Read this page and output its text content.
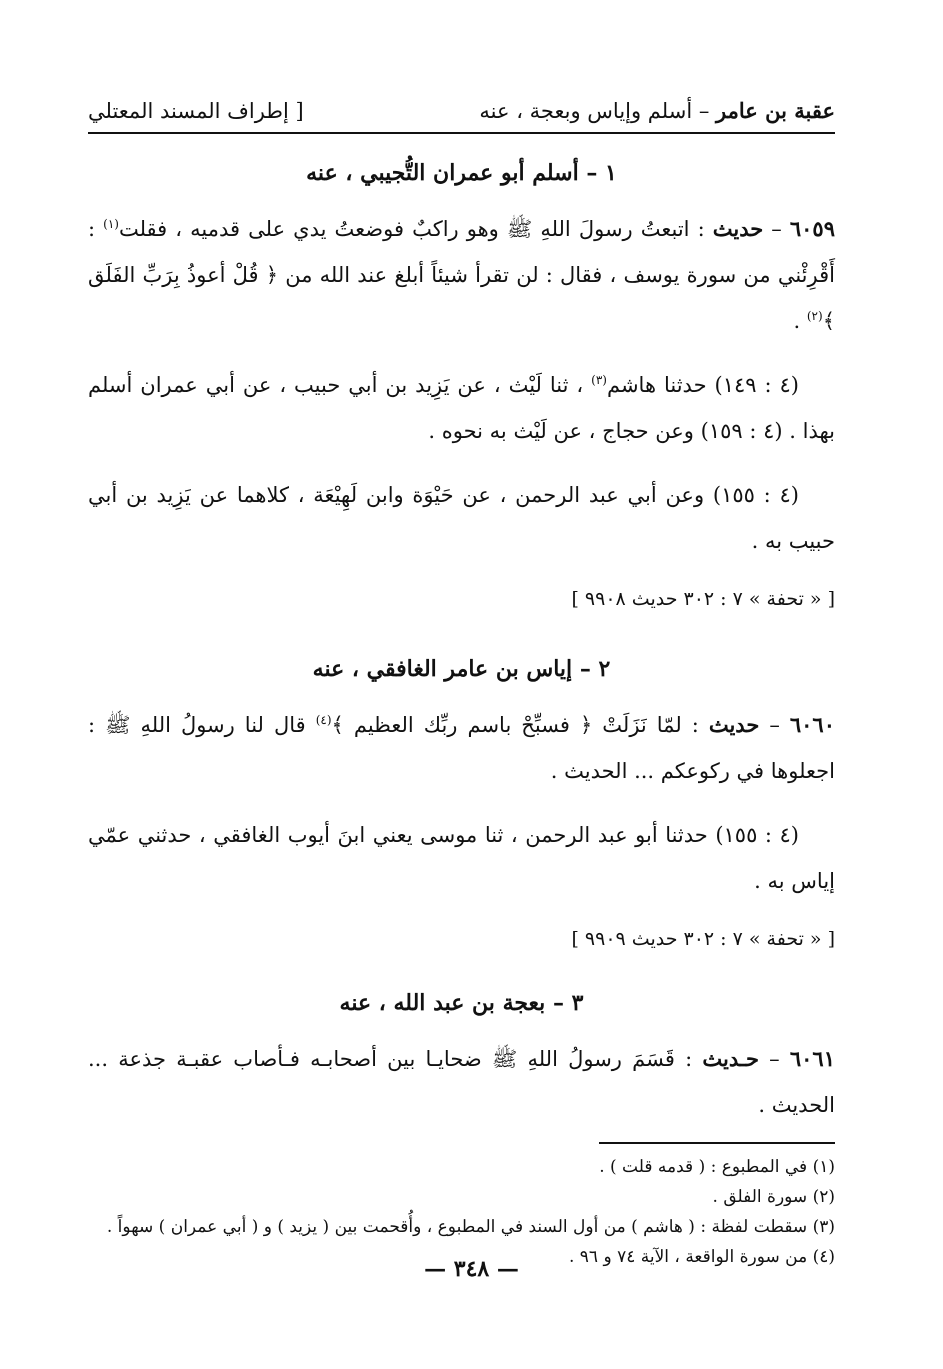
عقبة بن عامر – أسلم وإياس وبعجة ، عنه
[ إطراف المسند المعتلي
١ – أسلم أبو عمران التُّجيبي ، عنه

٦٠٥٩ – حديث : اتبعتُ رسولَ اللهِ ﷺ وهو راكبٌ فوضعتُ يدي على قدميه ، فقلت$^{(١)}$ : أَقْرِئْني من سورة يوسف ، فقال : لن تقرأ شيئاً أبلغ عند الله من ﴿ قُلْ أعوذُ بِرَبِّ الفَلَق ﴾$^{(٢)}$ .

(٤ : ١٤٩) حدثنا هاشم$^{(٣)}$ ، ثنا لَيْث ، عن يَزِيد بن أبي حبيب ، عن أبي عمران أسلم بهذا . (٤ : ١٥٩) وعن حجاج ، عن لَيْث به نحوه .

(٤ : ١٥٥) وعن أبي عبد الرحمن ، عن حَيْوَة وابن لَهِيْعَة ، كلاهما عن يَزِيد بن أبي حبيب به .

[ « تحفة » ٧ : ٣٠٢ حديث ٩٩٠٨ ]
٢ – إياس بن عامر الغافقي ، عنه

٦٠٦٠ – حديث : لمّا نَزَلَتْ ﴿ فسبِّحْ باسم ربِّك العظيم ﴾$^{(٤)}$ قال لنا رسولُ اللهِ ﷺ : اجعلوها في ركوعكم ... الحديث .

(٤ : ١٥٥) حدثنا أبو عبد الرحمن ، ثنا موسى يعني ابنَ أيوب الغافقي ، حدثني عمّي إياس به .

[ « تحفة » ٧ : ٣٠٢ حديث ٩٩٠٩ ]
٣ – بعجة بن عبد الله ، عنه

٦٠٦١ – حـديث : قَسَمَ رسولُ اللهِ ﷺ ضحايـا بين أصحابـه فـأصاب عقبـة جذعة ... الحديث .

(١) في المطبوع : ( قدمه قلت ) .
(٢) سورة الفلق .
(٣) سقطت لفظة : ( هاشم ) من أول السند في المطبوع ، وأُقحمت بين ( يزيد ) و ( أبي عمران ) سهواً .
(٤) من سورة الواقعة ، الآية ٧٤ و ٩٦ .
— ٣٤٨ —
